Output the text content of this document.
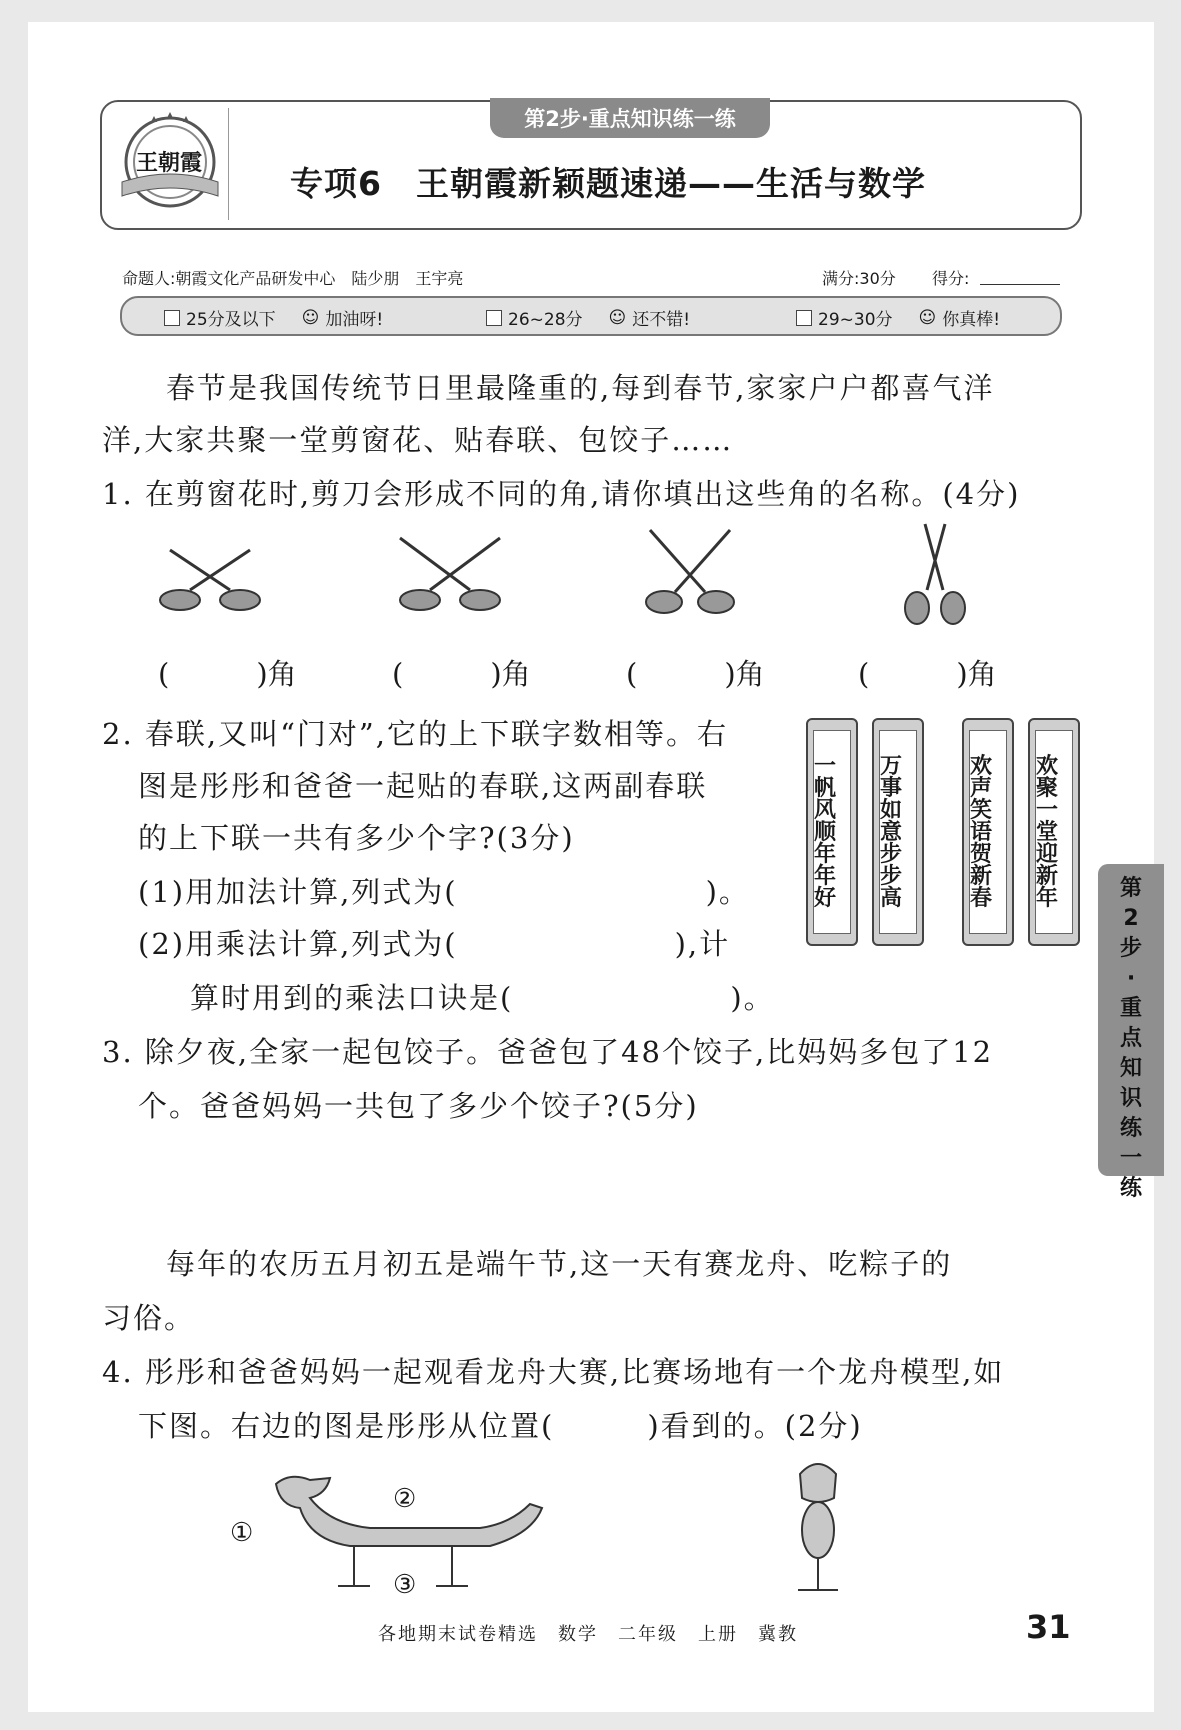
王朝霞
第2步·重点知识练一练
专项6　王朝霞新颖题速递——生活与数学
命题人:朝霞文化产品研发中心　陆少朋　王宇亮	满分:30分 得分:
25分及以下 ☺ 加油呀!	26~28分 ☺ 还不错!	29~30分 ☺ 你真棒!
春节是我国传统节日里最隆重的,每到春节,家家户户都喜气洋
洋,大家共聚一堂剪窗花、贴春联、包饺子……
1. 在剪窗花时,剪刀会形成不同的角,请你填出这些角的名称。(4分)
(　　　)角	(　　　)角	(　　　)角	(　　　)角
2. 春联,又叫“门对”,它的上下联字数相等。右
图是彤彤和爸爸一起贴的春联,这两副春联
的上下联一共有多少个字?(3分)
(1)用加法计算,列式为(　　　　　　　　)。
(2)用乘法计算,列式为(　　　　　　　),计
算时用到的乘法口诀是(　　　　　　　)。
一帆风顺年年好
万事如意步步高
欢声笑语贺新春
欢聚一堂迎新年
3. 除夕夜,全家一起包饺子。爸爸包了48个饺子,比妈妈多包了12
个。爸爸妈妈一共包了多少个饺子?(5分)
每年的农历五月初五是端午节,这一天有赛龙舟、吃粽子的
习俗。
4. 彤彤和爸爸妈妈一起观看龙舟大赛,比赛场地有一个龙舟模型,如
下图。右边的图是彤彤从位置(　　　)看到的。(2分)
①
②
③
第2步·重点知识练一练
各地期末试卷精选　数学　二年级　上册　冀教	31
